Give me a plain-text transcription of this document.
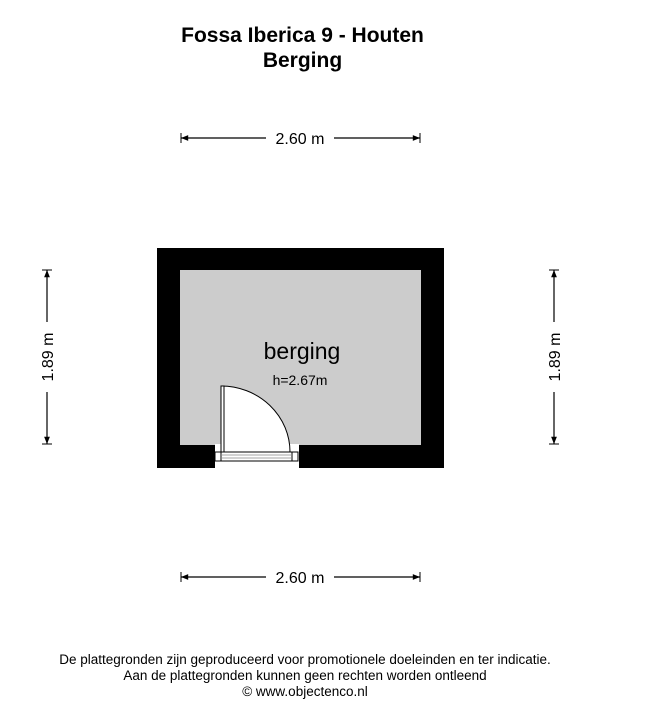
Fossa Iberica 9 - Houten
Berging
2.60 m
2.60 m
1.89 m	1.89 m
berging
h=2.67m
De plattegronden zijn geproduceerd voor promotionele doeleinden en ter indicatie.
Aan de plattegronden kunnen geen rechten worden ontleend
© www.objectenco.nl
